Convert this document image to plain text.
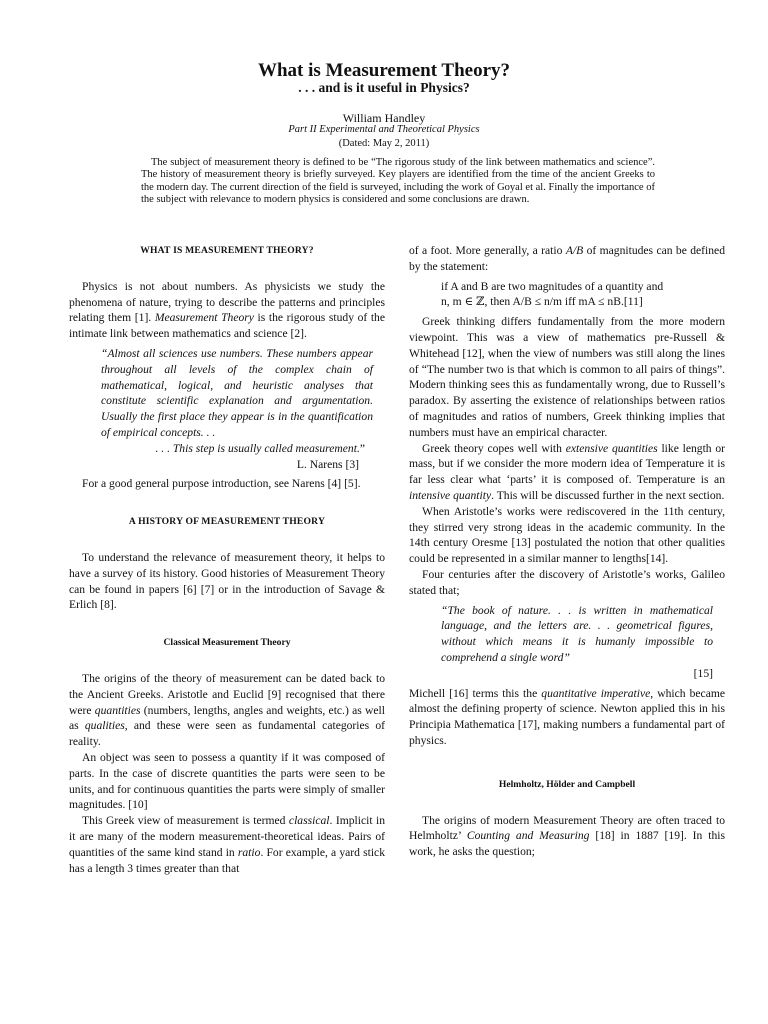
What is Measurement Theory?
. . . and is it useful in Physics?
William Handley
Part II Experimental and Theoretical Physics
(Dated: May 2, 2011)
The subject of measurement theory is defined to be “The rigorous study of the link between mathematics and science”. The history of measurement theory is briefly surveyed. Key players are identified from the time of the ancient Greeks to the modern day. The current direction of the field is surveyed, including the work of Goyal et al. Finally the importance of the subject with relevance to modern physics is considered and some conclusions are drawn.
WHAT IS MEASUREMENT THEORY?

Physics is not about numbers. As physicists we study the phenomena of nature, trying to describe the patterns and principles relating them [1]. Measurement Theory is the rigorous study of the intimate link between mathematics and science [2].

“Almost all sciences use numbers. These numbers appear throughout all levels of the complex chain of mathematical, logical, and heuristic analyses that constitute scientific explanation and argumentation. Usually the first place they appear is in the quantification of empirical concepts. . .
. . . This step is usually called measurement.”
L. Narens [3]

For a good general purpose introduction, see Narens [4] [5].

A HISTORY OF MEASUREMENT THEORY

To understand the relevance of measurement theory, it helps to have a survey of its history. Good histories of Measurement Theory can be found in papers [6] [7] or in the introduction of Savage & Erlich [8].

Classical Measurement Theory

The origins of the theory of measurement can be dated back to the Ancient Greeks. Aristotle and Euclid [9] recognised that there were quantities (numbers, lengths, angles and weights, etc.) as well as qualities, and these were seen as fundamental categories of reality.

An object was seen to possess a quantity if it was composed of parts. In the case of discrete quantities the parts were seen to be units, and for continuous quantities the parts were simply of smaller magnitudes. [10]

This Greek view of measurement is termed classical. Implicit in it are many of the modern measurement-theoretical ideas. Pairs of quantities of the same kind stand in ratio. For example, a yard stick has a length 3 times greater than that

of a foot. More generally, a ratio A/B of magnitudes can be defined by the statement:

if A and B are two magnitudes of a quantity and
n, m ∈ ℤ, then A/B ≤ n/m iff mA ≤ nB.[11]

Greek thinking differs fundamentally from the more modern viewpoint. This was a view of mathematics pre-Russell & Whitehead [12], when the view of numbers was still along the lines of “The number two is that which is common to all pairs of things”. Modern thinking sees this as fundamentally wrong, due to Russell’s paradox. By asserting the existence of relationships between ratios of magnitudes and ratios of numbers, Greek thinking implies that numbers must have an empirical character.

Greek theory copes well with extensive quantities like length or mass, but if we consider the more modern idea of Temperature it is far less clear what ‘parts’ it is composed of. Temperature is an intensive quantity. This will be discussed further in the next section.

When Aristotle’s works were rediscovered in the 11th century, they stirred very strong ideas in the academic community. In the 14th century Oresme [13] postulated the notion that other qualities could be represented in a similar manner to lengths[14].

Four centuries after the discovery of Aristotle’s works, Galileo stated that;

“The book of nature. . . is written in mathematical language, and the letters are. . . geometrical figures, without which means it is humanly impossible to comprehend a single word”
[15]

Michell [16] terms this the quantitative imperative, which became almost the defining property of science. Newton applied this in his Principia Mathematica [17], making numbers a fundamental part of physics.

Helmholtz, Hölder and Campbell

The origins of modern Measurement Theory are often traced to Helmholtz’ Counting and Measuring [18] in 1887 [19]. In this work, he asks the question;
